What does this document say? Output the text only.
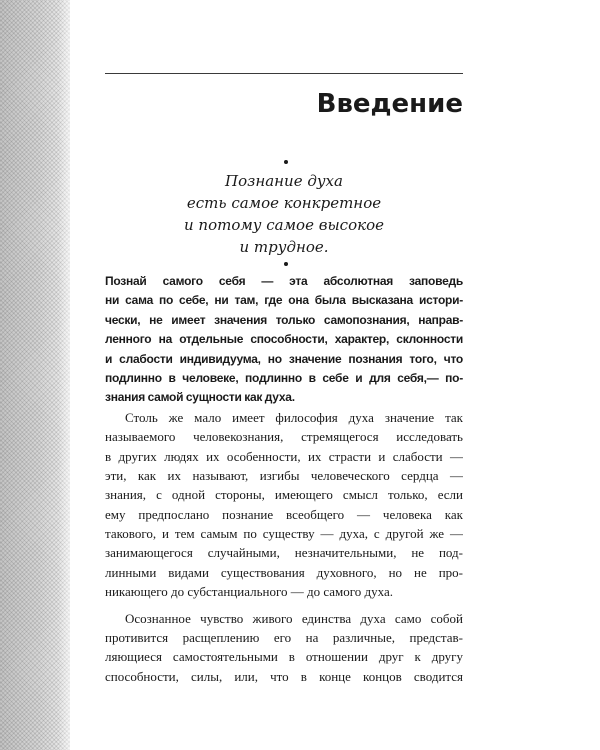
Введение
Познание духа
есть самое конкретное
и потому самое высокое
и трудное.
Познай самого себя — эта абсолютная заповедь
ни сама по себе, ни там, где она была высказана истори-
чески, не имеет значения только самопознания, направ-
ленного на отдельные способности, характер, склонности
и слабости индивидуума, но значение познания того, что
подлинно в человеке, подлинно в себе и для себя,— по-
знания самой сущности как духа.
Столь же мало имеет философия духа значение так
называемого человекознания, стремящегося исследовать
в других людях их особенности, их страсти и слабости —
эти, как их называют, изгибы человеческого сердца —
знания, с одной стороны, имеющего смысл только, если
ему предпослано познание всеобщего — человека как
такового, и тем самым по существу — духа, с другой же —
занимающегося случайными, незначительными, не под-
линными видами существования духовного, но не про-
никающего до субстанциального — до самого духа.
Осознанное чувство живого единства духа само собой
противится расщеплению его на различные, представ-
ляющиеся самостоятельными в отношении друг к другу
способности, силы, или, что в конце концов сводится
